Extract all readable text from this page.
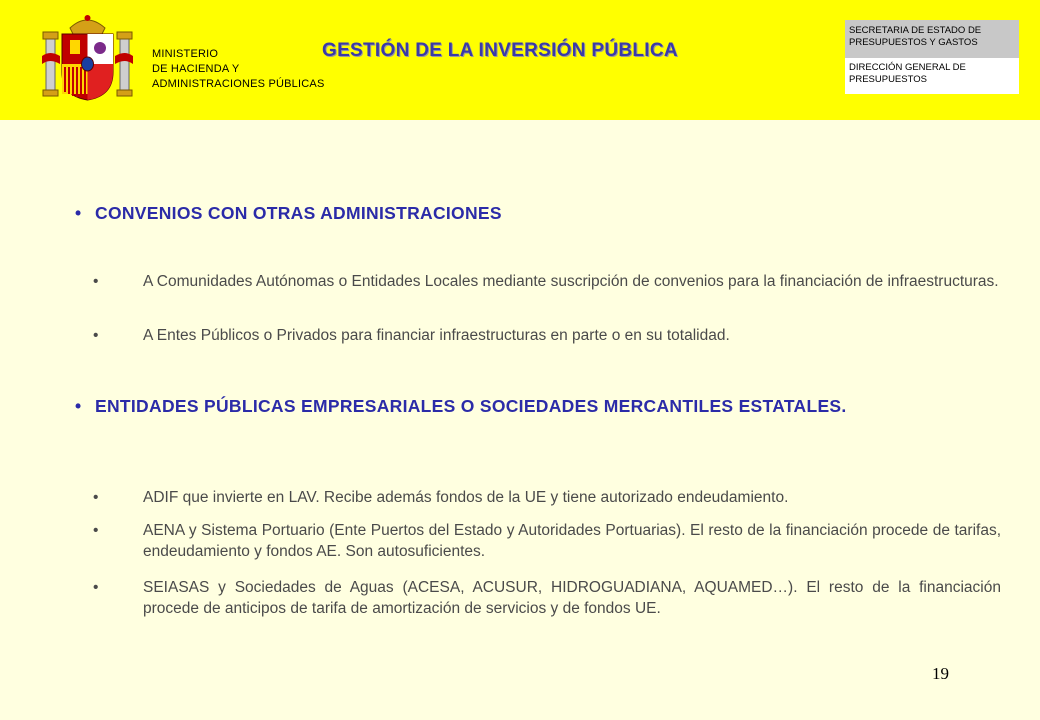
MINISTERIO
DE HACIENDA Y
ADMINISTRACIONES PÚBLICAS
GESTIÓN DE LA INVERSIÓN PÚBLICA
SECRETARIA DE ESTADO DE PRESUPUESTOS Y GASTOS
DIRECCIÓN GENERAL DE PRESUPUESTOS
• CONVENIOS CON OTRAS ADMINISTRACIONES
•	A Comunidades Autónomas o Entidades Locales mediante suscripción de convenios para la financiación de infraestructuras.
•	A Entes Públicos o Privados para financiar infraestructuras en parte o en su totalidad.
• ENTIDADES PÚBLICAS EMPRESARIALES O SOCIEDADES MERCANTILES ESTATALES.
•	ADIF que invierte en LAV. Recibe además fondos de la UE y tiene autorizado endeudamiento.
•	AENA y Sistema Portuario (Ente Puertos del Estado y Autoridades Portuarias). El resto de la financiación procede de tarifas, endeudamiento y fondos AE. Son autosuficientes.
•	SEIASAS y Sociedades de Aguas (ACESA, ACUSUR, HIDROGUADIANA, AQUAMED…). El resto de la financiación procede de anticipos de tarifa de amortización de servicios y de fondos UE.
19
